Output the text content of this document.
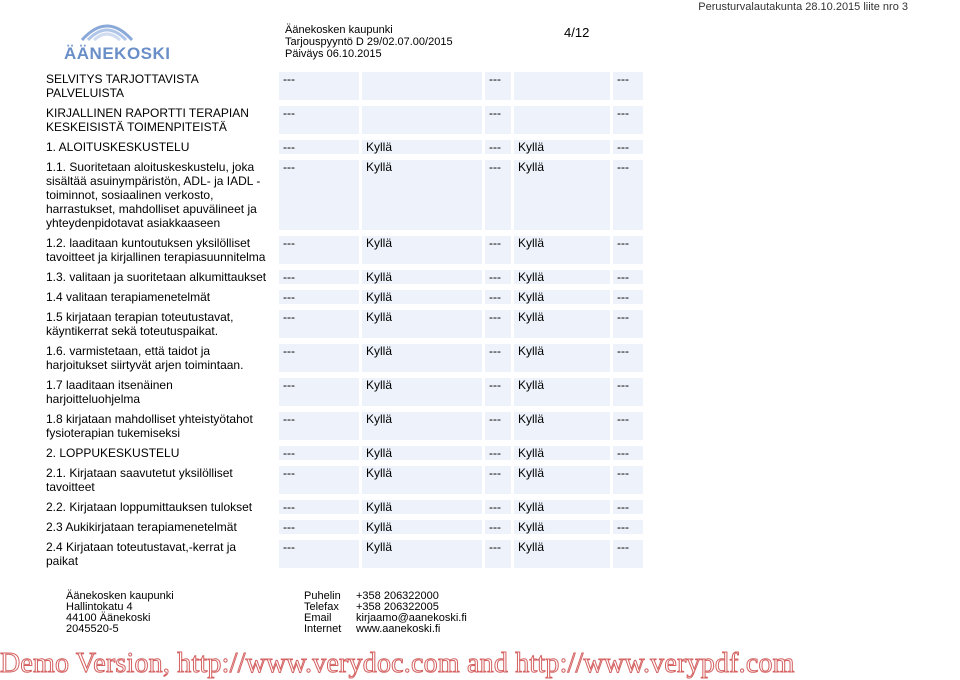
Perusturvalautakunta 28.10.2015 liite nro 3
ÄÄNEKOSKI
Äänekosken kaupunki
Tarjouspyyntö D 29/02.07.00/2015
Päiväys 06.10.2015
4/12
SELVITYS TARJOTTAVISTA
PALVELUISTA		---				---				---

KIRJALLINEN RAPORTTI TERAPIAN
KESKEISISTÄ TOIMENPITEISTÄ		---				---				---

1. ALOITUSKESKUSTELU		---		Kyllä		---		Kyllä		---

1.1. Suoritetaan aloituskeskustelu, joka
sisältää asuinympäristön, ADL- ja IADL -
toiminnot, sosiaalinen verkosto,
harrastukset, mahdolliset apuvälineet ja
yhteydenpidotavat asiakkaaseen		---		Kyllä		---		Kyllä		---

1.2. laaditaan kuntoutuksen yksilölliset
tavoitteet ja kirjallinen terapiasuunnitelma		---		Kyllä		---		Kyllä		---

1.3. valitaan ja suoritetaan alkumittaukset		---		Kyllä		---		Kyllä		---

1.4 valitaan terapiamenetelmät		---		Kyllä		---		Kyllä		---

1.5 kirjataan terapian toteutustavat,
käyntikerrat sekä toteutuspaikat.		---		Kyllä		---		Kyllä		---

1.6. varmistetaan, että taidot ja
harjoitukset siirtyvät arjen toimintaan.		---		Kyllä		---		Kyllä		---

1.7 laaditaan itsenäinen
harjoitteluohjelma		---		Kyllä		---		Kyllä		---

1.8 kirjataan mahdolliset yhteistyötahot
fysioterapian tukemiseksi		---		Kyllä		---		Kyllä		---

2. LOPPUKESKUSTELU		---		Kyllä		---		Kyllä		---

2.1. Kirjataan saavutetut yksilölliset
tavoitteet		---		Kyllä		---		Kyllä		---

2.2. Kirjataan loppumittauksen tulokset		---		Kyllä		---		Kyllä		---

2.3 Aukikirjataan terapiamenetelmät		---		Kyllä		---		Kyllä		---

2.4 Kirjataan toteutustavat,-kerrat ja
paikat		---		Kyllä		---		Kyllä		---
Äänekosken kaupunki
Hallintokatu 4
44100 Äänekoski
2045520-5
Puhelin
Telefax
Email
Internet
+358 206322000
+358 206322005
kirjaamo@aanekoski.fi
www.aanekoski.fi
Demo Version, http://www.verydoc.com and http://www.verypdf.com
